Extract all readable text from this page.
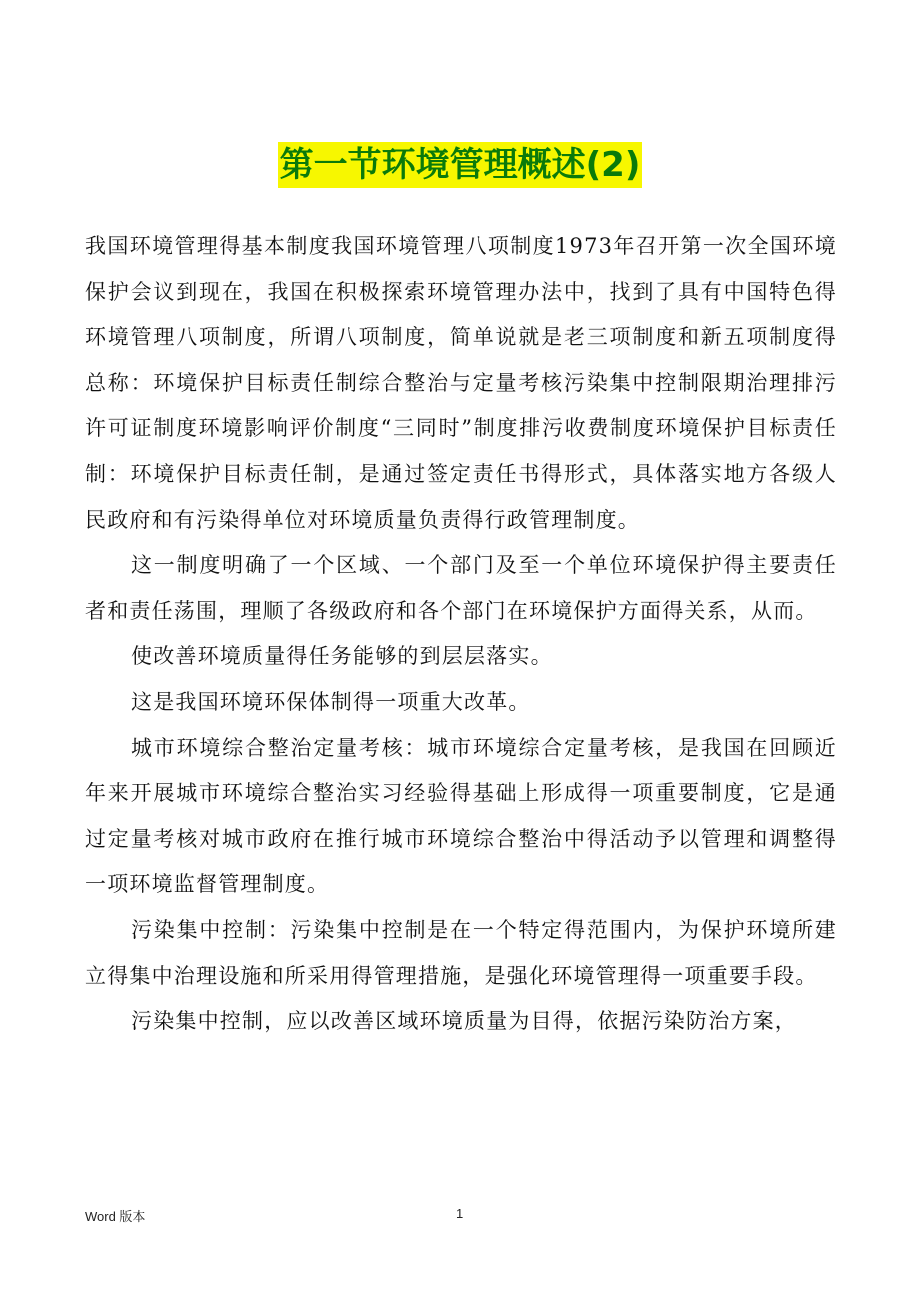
第一节环境管理概述(2)

我国环境管理得基本制度我国环境管理八项制度1973年召开第一次全国环境保护会议到现在，我国在积极探索环境管理办法中，找到了具有中国特色得环境管理八项制度，所谓八项制度，简单说就是老三项制度和新五项制度得总称：环境保护目标责任制综合整治与定量考核污染集中控制限期治理排污许可证制度环境影响评价制度“三同时”制度排污收费制度环境保护目标责任制：环境保护目标责任制，是通过签定责任书得形式，具体落实地方各级人民政府和有污染得单位对环境质量负责得行政管理制度。

这一制度明确了一个区域、一个部门及至一个单位环境保护得主要责任者和责任荡围，理顺了各级政府和各个部门在环境保护方面得关系，从而。

使改善环境质量得任务能够的到层层落实。

这是我国环境环保体制得一项重大改革。

城市环境综合整治定量考核：城市环境综合定量考核，是我国在回顾近年来开展城市环境综合整治实习经验得基础上形成得一项重要制度，它是通过定量考核对城市政府在推行城市环境综合整治中得活动予以管理和调整得一项环境监督管理制度。

污染集中控制：污染集中控制是在一个特定得范围内，为保护环境所建立得集中治理设施和所采用得管理措施，是强化环境管理得一项重要手段。

污染集中控制，应以改善区域环境质量为目得，依据污染防治方案，

Word 版本	1
